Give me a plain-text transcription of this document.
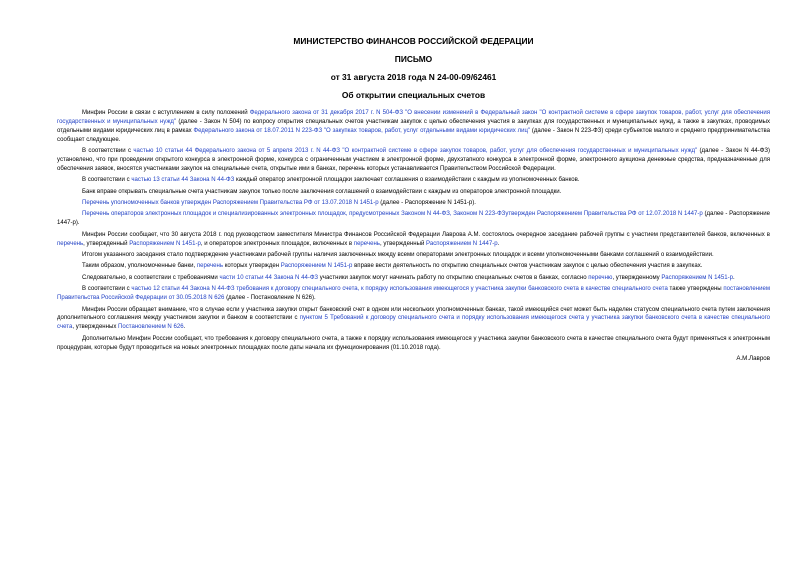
МИНИСТЕРСТВО ФИНАНСОВ РОССИЙСКОЙ ФЕДЕРАЦИИ
ПИСЬМО
от 31 августа 2018 года N 24-00-09/62461
Об открытии специальных счетов

Минфин России в связи с вступлением в силу положений Федерального закона от 31 декабря 2017 г. N 504-ФЗ "О внесении изменений в Федеральный закон "О контрактной системе в сфере закупок товаров, работ, услуг для обеспечения государственных и муниципальных нужд" (далее - Закон N 504) по вопросу открытия специальных счетов участникам закупок с целью обеспечения участия в закупках для государственных и муниципальных нужд, а также в закупках, проводимых отдельными видами юридических лиц в рамках Федерального закона от 18.07.2011 N 223-ФЗ "О закупках товаров, работ, услуг отдельными видами юридических лиц" (далее - Закон N 223-ФЗ) среди субъектов малого и среднего предпринимательства сообщает следующее.

В соответствии с частью 10 статьи 44 Федерального закона от 5 апреля 2013 г. N 44-ФЗ "О контрактной системе в сфере закупок товаров, работ, услуг для обеспечения государственных и муниципальных нужд" (далее - Закон N 44-ФЗ) установлено, что при проведении открытого конкурса в электронной форме, конкурса с ограниченным участием в электронной форме, двухэтапного конкурса в электронной форме, электронного аукциона денежные средства, предназначенные для обеспечения заявок, вносятся участниками закупок на специальные счета, открытые ими в банках, перечень которых устанавливается Правительством Российской Федерации.

В соответствии с частью 13 статьи 44 Закона N 44-ФЗ каждый оператор электронной площадки заключает соглашения о взаимодействии с каждым из уполномоченных банков.

Банк вправе открывать специальные счета участникам закупок только после заключения соглашений о взаимодействии с каждым из операторов электронной площадки.

Перечень уполномоченных банков утвержден Распоряжением Правительства РФ от 13.07.2018 N 1451-р (далее - Распоряжение N 1451-р).

Перечень операторов электронных площадок и специализированных электронных площадок, предусмотренных Законом N 44-ФЗ, Законом N 223-ФЗутвержден Распоряжением Правительства РФ от 12.07.2018 N 1447-р (далее - Распоряжение 1447-р).

Минфин России сообщает, что 30 августа 2018 г. под руководством заместителя Министра Финансов Российской Федерации Лаврова А.М. состоялось очередное заседание рабочей группы с участием представителей банков, включенных в перечень, утвержденный Распоряжением N 1451-р, и операторов электронных площадок, включенных в перечень, утвержденный Распоряжением N 1447-р.

Итогом указанного заседания стало подтверждение участниками рабочей группы наличия заключенных между всеми операторами электронных площадок и всеми уполномоченными банками соглашений о взаимодействии.

Таким образом, уполномоченные банки, перечень которых утвержден Распоряжением N 1451-р вправе вести деятельность по открытию специальных счетов участникам закупок с целью обеспечения участия в закупках.

Следовательно, в соответствии с требованиями части 10 статьи 44 Закона N 44-ФЗ участники закупок могут начинать работу по открытию специальных счетов в банках, согласно перечню, утвержденному Распоряжением N 1451-р.

В соответствии с частью 12 статьи 44 Закона N 44-ФЗ требования к договору специального счета, к порядку использования имеющегося у участника закупки банковского счета в качестве специального счета также утверждены постановлением Правительства Российской Федерации от 30.05.2018 N 626 (далее - Постановление N 626).

Минфин России обращает внимание, что в случае если у участника закупки открыт банковский счет в одном или нескольких уполномоченных банках, такой имеющийся счет может быть наделен статусом специального счета путем заключения дополнительного соглашения между участником закупки и банком в соответствии с пунктом 5 Требований к договору специального счета и порядку использования имеющегося счета у участника закупки банковского счета в качестве специального счета, утвержденных Постановлением N 626.

Дополнительно Минфин России сообщает, что требования к договору специального счета, а также к порядку использования имеющегося у участника закупки банковского счета в качестве специального счета будут применяться к электронным процедурам, которые будут проводиться на новых электронных площадках после даты начала их функционирования (01.10.2018 года).

А.М.Лавров
